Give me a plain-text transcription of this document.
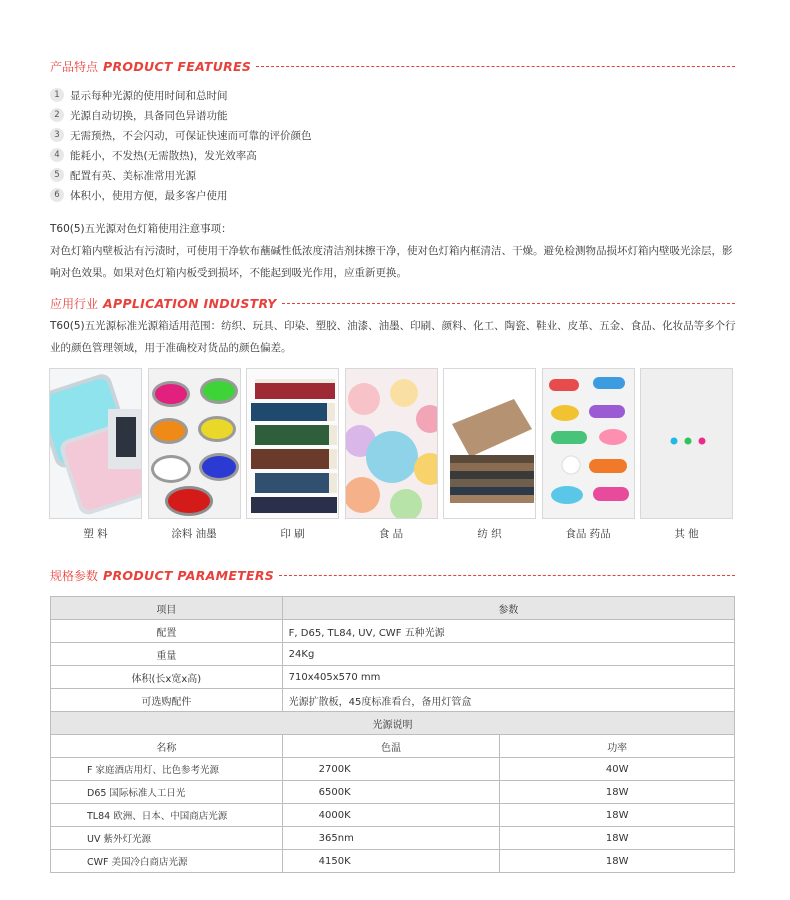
产品特点 PRODUCT FEATURES
1 显示每种光源的使用时间和总时间
2 光源自动切换，具备同色异谱功能
3 无需预热，不会闪动，可保证快速而可靠的评价颜色
4 能耗小，不发热(无需散热)，发光效率高
5 配置有英、美标准常用光源
6 体积小，使用方便，最多客户使用
T60(5)五光源对色灯箱使用注意事项：
对色灯箱内壁板沾有污渍时，可使用干净软布蘸碱性低浓度清洁剂抹擦干净，使对色灯箱内框清洁、干燥。避免检测物品损坏灯箱内壁吸光涂层，影响对色效果。如果对色灯箱内板受到损坏，不能起到吸光作用，应重新更换。
应用行业 APPLICATION INDUSTRY
T60(5)五光源标准光源箱适用范围：纺织、玩具、印染、塑胶、油漆、油墨、印刷、颜料、化工、陶瓷、鞋业、皮革、五金、食品、化妆品等多个行业的颜色管理领域，用于准确校对货品的颜色偏差。
塑 料	涂料 油墨	印 刷	食 品	纺 织	食品 药品	其 他
规格参数 PRODUCT PARAMETERS
项目	参数	
配置	F, D65, TL84, UV, CWF 五种光源	
重量	24Kg	
体积(长x宽x高)	710x405x570 mm	
可选购配件	光源扩散板，45度标准看台，备用灯管盒	
光源说明		
名称	色温	功率
F 家庭酒店用灯、比色参考光源	2700K	40W
D65 国际标准人工日光	6500K	18W
TL84 欧洲、日本、中国商店光源	4000K	18W
UV 紫外灯光源	365nm	18W
CWF 美国冷白商店光源	4150K	18W
